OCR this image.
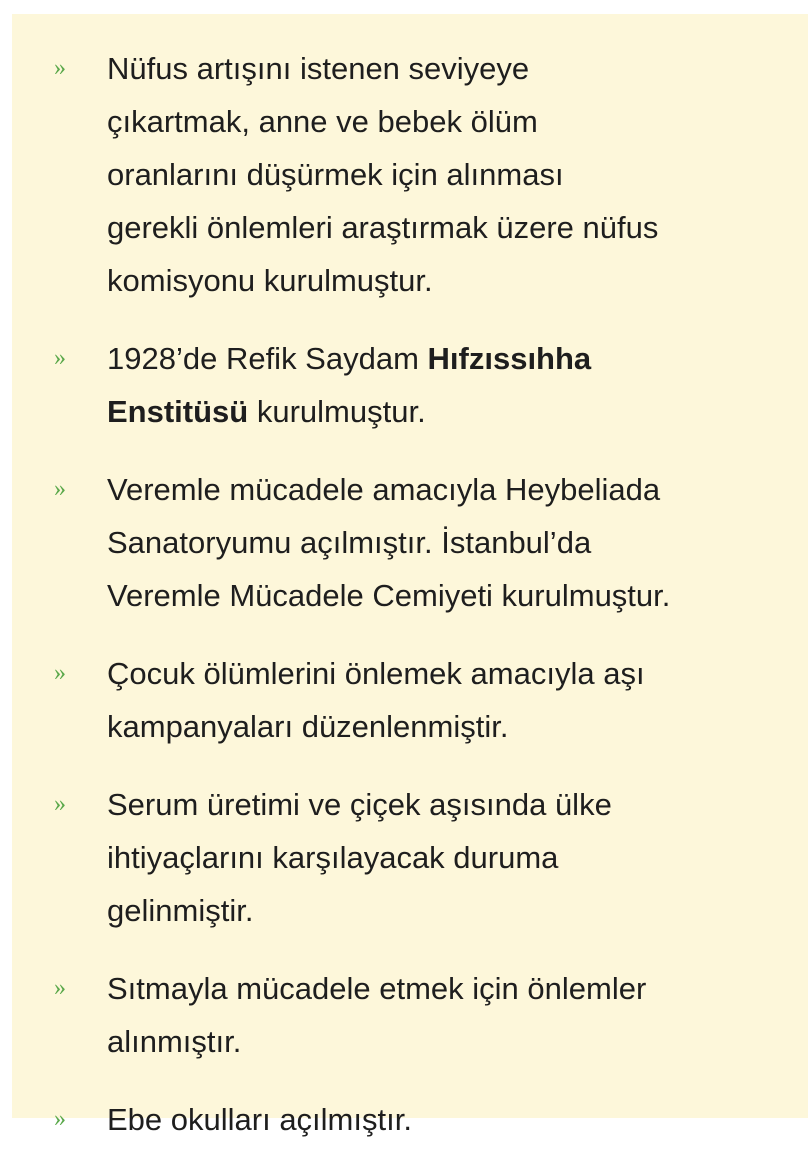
»	Nüfus artışını istenen seviyeye
çıkartmak, anne ve bebek ölüm
oranlarını düşürmek için alınması
gerekli önlemleri araştırmak üzere nüfus
komisyonu kurulmuştur.
»	1928’de Refik Saydam Hıfzıssıhha
Enstitüsü kurulmuştur.
»	Veremle mücadele amacıyla Heybeliada
Sanatoryumu açılmıştır. İstanbul’da
Veremle Mücadele Cemiyeti kurulmuştur.
»	Çocuk ölümlerini önlemek amacıyla aşı
kampanyaları düzenlenmiştir.
»	Serum üretimi ve çiçek aşısında ülke
ihtiyaçlarını karşılayacak duruma
gelinmiştir.
»	Sıtmayla mücadele etmek için önlemler
alınmıştır.
»	Ebe okulları açılmıştır.
